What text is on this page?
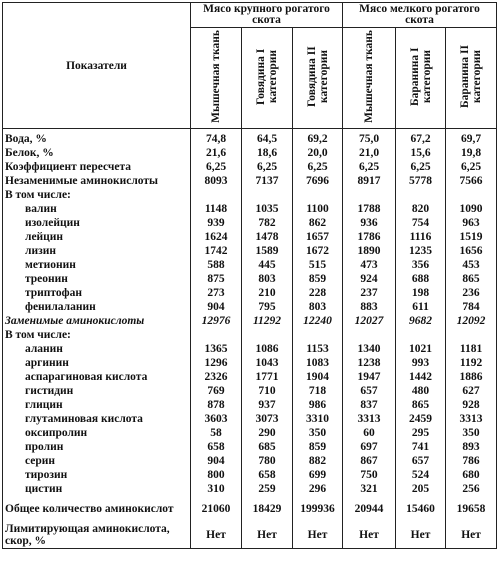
Показатели	Мясо крупного рогатого скота			Мясо мелкого рогатого скота		
	Мышечная ткань	Говядина I категории	Говядина II категории	Мышечная ткань	Баранина I категории	Баранина II категории
Вода, %	74,8	64,5	69,2	75,0	67,2	69,7
Белок, %	21,6	18,6	20,0	21,0	15,6	19,8
Коэффициент пересчета	6,25	6,25	6,25	6,25	6,25	6,25
Незаменимые аминокислоты	8093	7137	7696	8917	5778	7566
В том числе:						
валин	1148	1035	1100	1788	820	1090
изолейцин	939	782	862	936	754	963
лейцин	1624	1478	1657	1786	1116	1519
лизин	1742	1589	1672	1890	1235	1656
метионин	588	445	515	473	356	453
треонин	875	803	859	924	688	865
триптофан	273	210	228	237	198	236
фенилаланин	904	795	803	883	611	784
Заменимые аминокислоты	12976	11292	12240	12027	9682	12092
В том числе:						
аланин	1365	1086	1153	1340	1021	1181
аргинин	1296	1043	1083	1238	993	1192
аспарагиновая кислота	2326	1771	1904	1947	1442	1886
гистидин	769	710	718	657	480	627
глицин	878	937	986	837	865	928
глутаминовая кислота	3603	3073	3310	3313	2459	3313
оксипролин	58	290	350	60	295	350
пролин	658	685	859	697	741	893
серин	904	780	882	867	657	786
тирозин	800	658	699	750	524	680
цистин	310	259	296	321	205	256
Общее количество аминокислот	21060	18429	199936	20944	15460	19658
Лимитирующая аминокислота, скор, %	Нет	Нет	Нет	Нет	Нет	Нет
